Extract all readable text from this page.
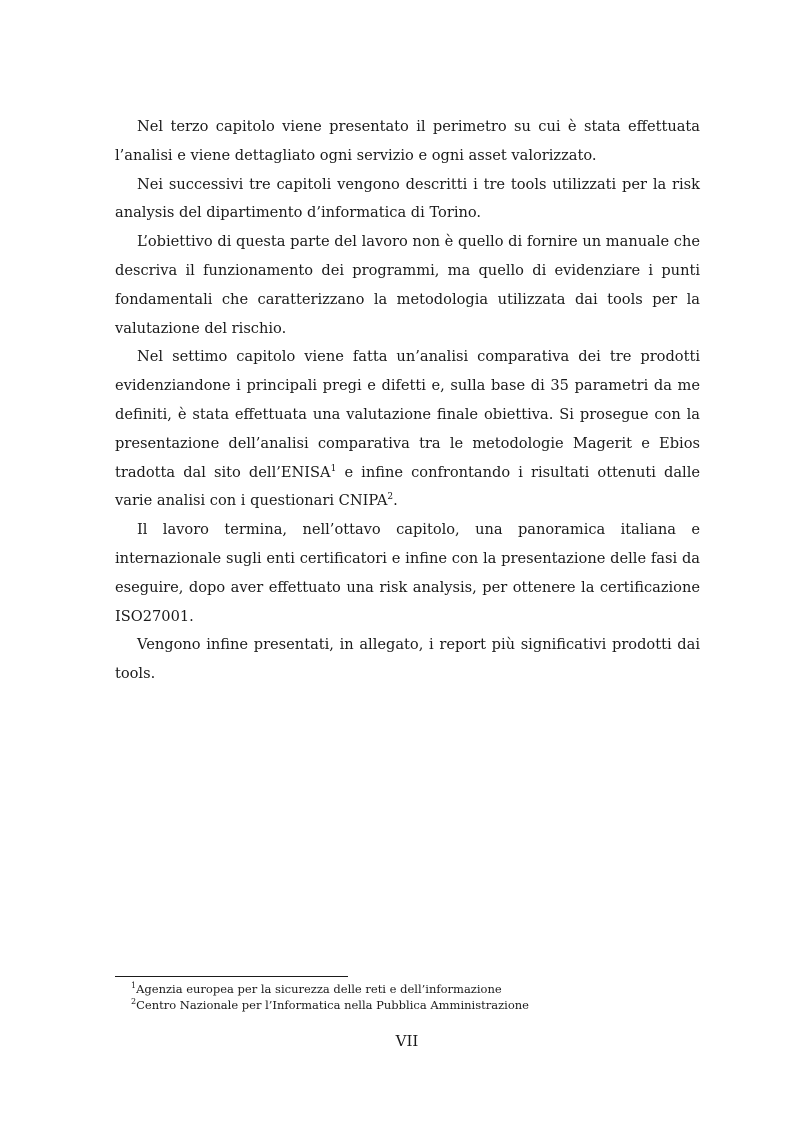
Nel terzo capitolo viene presentato il perimetro su cui è stata effettuata l’analisi e viene dettagliato ogni servizio e ogni asset valorizzato.

Nei successivi tre capitoli vengono descritti i tre tools utilizzati per la risk analysis del dipartimento d’informatica di Torino.

L’obiettivo di questa parte del lavoro non è quello di fornire un manuale che descriva il funzionamento dei programmi, ma quello di evidenziare i punti fondamentali che caratterizzano la metodologia utilizzata dai tools per la valutazione del rischio.

Nel settimo capitolo viene fatta un’analisi comparativa dei tre prodotti evidenziandone i principali pregi e difetti e, sulla base di 35 parametri da me definiti, è stata effettuata una valutazione finale obiettiva. Si prosegue con la presentazione dell’analisi comparativa tra le metodologie Magerit e Ebios tradotta dal sito dell’ENISA$^1$ e infine confrontando i risultati ottenuti dalle varie analisi con i questionari CNIPA$^2$.

Il lavoro termina, nell’ottavo capitolo, una panoramica italiana e internazionale sugli enti certificatori e infine con la presentazione delle fasi da eseguire, dopo aver effettuato una risk analysis, per ottenere la certificazione ISO27001.

Vengono infine presentati, in allegato, i report più significativi prodotti dai tools.

$^1$Agenzia europea per la sicurezza delle reti e dell’informazione

$^2$Centro Nazionale per l’Informatica nella Pubblica Amministrazione

VII
